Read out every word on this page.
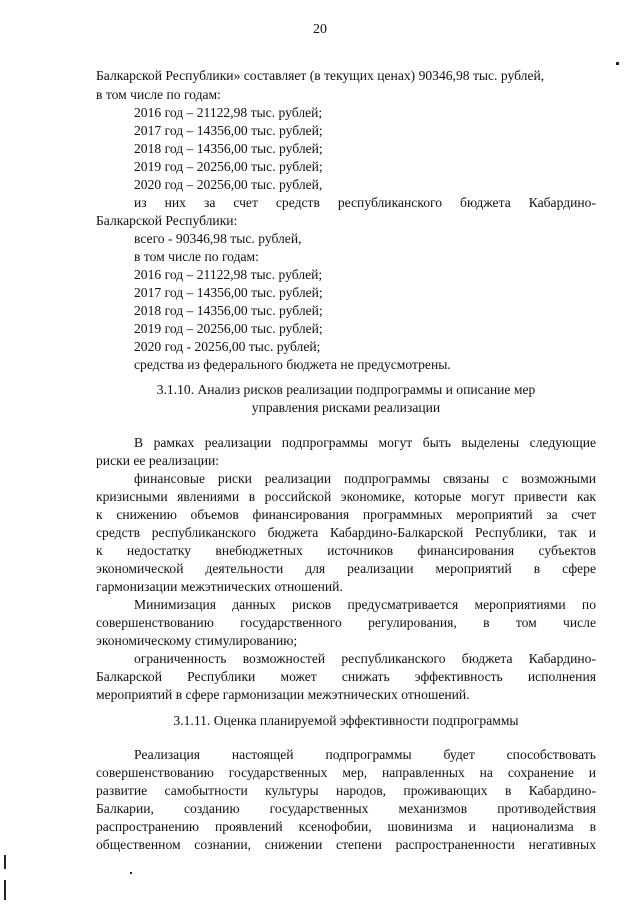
20
Балкарской Республики» составляет (в текущих ценах) 90346,98 тыс. рублей,
в том числе по годам:
2016 год – 21122,98 тыс. рублей;
2017 год – 14356,00 тыс. рублей;
2018 год – 14356,00 тыс. рублей;
2019 год – 20256,00 тыс. рублей;
2020 год – 20256,00 тыс. рублей,
из них за счет средств республиканского бюджета Кабардино-
Балкарской Республики:
всего - 90346,98 тыс. рублей,
в том числе по годам:
2016 год – 21122,98 тыс. рублей;
2017 год – 14356,00 тыс. рублей;
2018 год – 14356,00 тыс. рублей;
2019 год – 20256,00 тыс. рублей;
2020 год - 20256,00 тыс. рублей;
средства из федерального бюджета не предусмотрены.
3.1.10. Анализ рисков реализации подпрограммы и описание мер
управления рисками реализации
В рамках реализации подпрограммы могут быть выделены следующие
риски ее реализации:
финансовые риски реализации подпрограммы связаны с возможными
кризисными явлениями в российской экономике, которые могут привести как
к снижению объемов финансирования программных мероприятий за счет
средств республиканского бюджета Кабардино-Балкарской Республики, так и
к недостатку внебюджетных источников финансирования субъектов
экономической деятельности для реализации мероприятий в сфере
гармонизации межэтнических отношений.
Минимизация данных рисков предусматривается мероприятиями по
совершенствованию государственного регулирования, в том числе
экономическому стимулированию;
ограниченность возможностей республиканского бюджета Кабардино-
Балкарской Республики может снижать эффективность исполнения
мероприятий в сфере гармонизации межэтнических отношений.
3.1.11. Оценка планируемой эффективности подпрограммы
Реализация настоящей подпрограммы будет способствовать
совершенствованию государственных мер, направленных на сохранение и
развитие самобытности культуры народов, проживающих в Кабардино-
Балкарии, созданию государственных механизмов противодействия
распространению проявлений ксенофобии, шовинизма и национализма в
общественном сознании, снижении степени распространенности негативных
